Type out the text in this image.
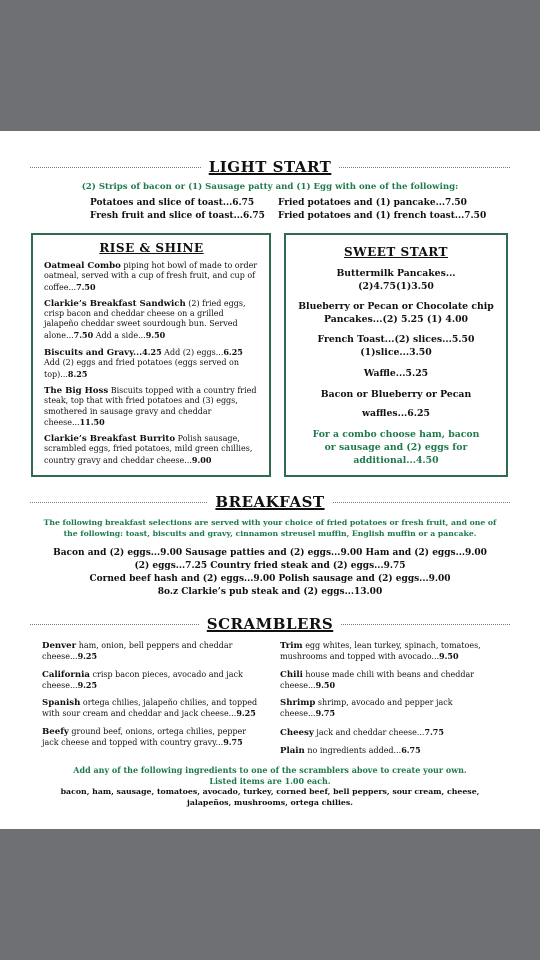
LIGHT START
(2) Strips of bacon or (1) Sausage patty and (1) Egg with one of the following:
Potatoes and slice of toast...6.75
Fresh fruit and slice of toast...6.75
Fried potatoes and (1) pancake...7.50
Fried potatoes and (1) french toast...7.50
RISE & SHINE
Oatmeal Combo piping hot bowl of made to order oatmeal, served with a cup of fresh fruit, and cup of coffee...7.50
Clarkie’s Breakfast Sandwich (2) fried eggs, crisp bacon and cheddar cheese on a grilled jalapeño cheddar sweet sourdough bun. Served alone...7.50 Add a side...9.50
Biscuits and Gravy...4.25 Add (2) eggs...6.25 Add (2) eggs and fried potatoes (eggs served on top)...8.25
The Big Hoss Biscuits topped with a country fried steak, top that with fried potatoes and (3) eggs, smothered in sausage gravy and cheddar cheese...11.50
Clarkie’s Breakfast Burrito Polish sausage, scrambled eggs, fried potatoes, mild green chillies, country gravy and cheddar cheese...9.00
SWEET START
Buttermilk Pancakes...
(2)4.75(1)3.50
Blueberry or Pecan or Chocolate chip
Pancakes...(2) 5.25 (1) 4.00
French Toast...(2) slices...5.50
(1)slice...3.50
Waffle...5.25
Bacon or Blueberry or Pecan
waffles...6.25
For a combo choose ham, bacon or sausage and (2) eggs for additional...4.50
BREAKFAST
The following breakfast selections are served with your choice of fried potatoes or fresh fruit, and one of the following: toast, biscuits and gravy, cinnamon streusel muffin, English muffin or a pancake.
Bacon and (2) eggs...9.00 Sausage patties and (2) eggs...9.00 Ham and (2) eggs...9.00
(2) eggs...7.25 Country fried steak and (2) eggs...9.75
Corned beef hash and (2) eggs...9.00 Polish sausage and (2) eggs...9.00
8o.z Clarkie’s pub steak and (2) eggs...13.00
SCRAMBLERS
Denver ham, onion, bell peppers and cheddar cheese...9.25
California crisp bacon pieces, avocado and jack cheese...9.25
Spanish ortega chilies, jalapeño chilies, and topped with sour cream and cheddar and jack cheese...9.25
Beefy ground beef, onions, ortega chilies, pepper jack cheese and topped with country gravy...9.75
Trim egg whites, lean turkey, spinach, tomatoes, mushrooms and topped with avocado...9.50
Chili house made chili with beans and cheddar cheese...9.50
Shrimp shrimp, avocado and pepper jack cheese...9.75
Cheesy jack and cheddar cheese...7.75
Plain no ingredients added...6.75
Add any of the following ingredients to one of the scramblers above to create your own. Listed items are 1.00 each.
bacon, ham, sausage, tomatoes, avocado, turkey, corned beef, bell peppers, sour cream, cheese, jalapeños, mushrooms, ortega chilies.
